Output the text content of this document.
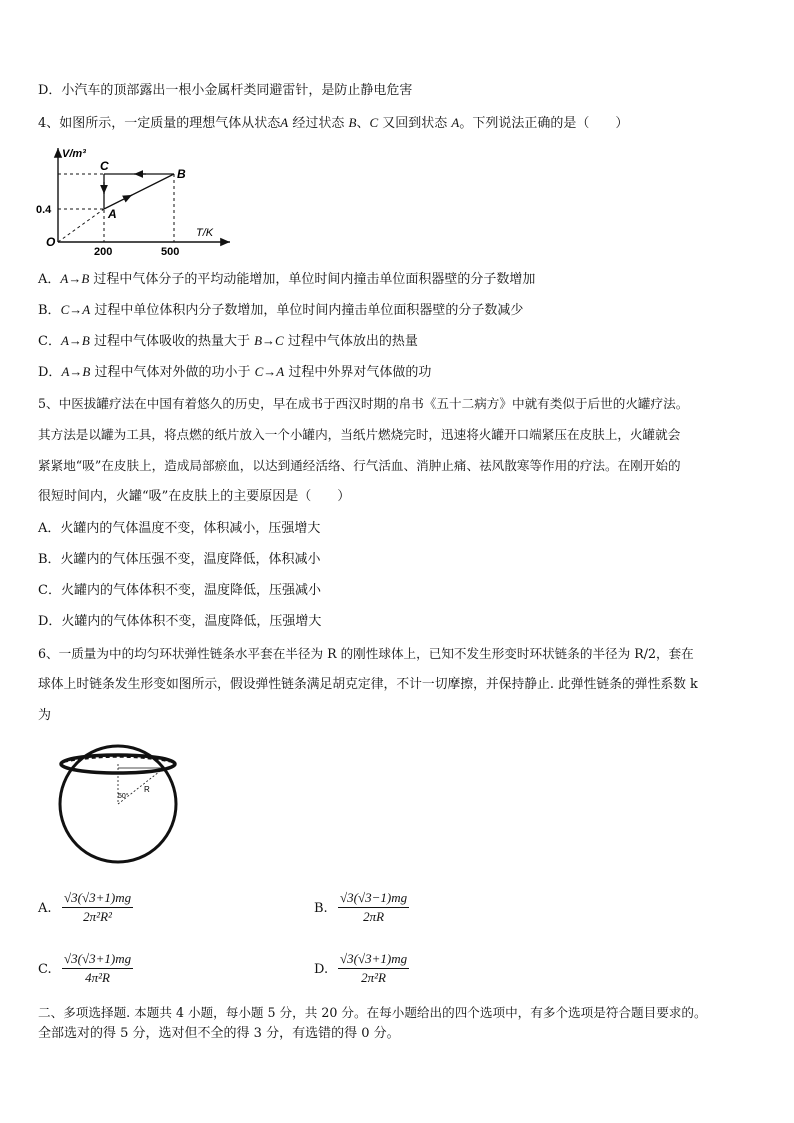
D．小汽车的顶部露出一根小金属杆类同避雷针，是防止静电危害
4、如图所示，一定质量的理想气体从状态A 经过状态 B、C 又回到状态 A。下列说法正确的是（　　）
V/m³
T/K
O
0.4
200	500
A
B
C
A．A→B 过程中气体分子的平均动能增加，单位时间内撞击单位面积器壁的分子数增加
B．C→A 过程中单位体积内分子数增加，单位时间内撞击单位面积器壁的分子数减少
C．A→B 过程中气体吸收的热量大于 B→C 过程中气体放出的热量
D．A→B 过程中气体对外做的功小于 C→A 过程中外界对气体做的功
5、中医拔罐疗法在中国有着悠久的历史，早在成书于西汉时期的帛书《五十二病方》中就有类似于后世的火罐疗法。
其方法是以罐为工具，将点燃的纸片放入一个小罐内，当纸片燃烧完时，迅速将火罐开口端紧压在皮肤上，火罐就会
紧紧地“吸”在皮肤上，造成局部瘀血，以达到通经活络、行气活血、消肿止痛、祛风散寒等作用的疗法。在刚开始的
很短时间内，火罐“吸”在皮肤上的主要原因是（　　）
A．火罐内的气体温度不变，体积减小，压强增大
B．火罐内的气体压强不变，温度降低，体积减小
C．火罐内的气体体积不变，温度降低，压强减小
D．火罐内的气体体积不变，温度降低，压强增大
6、一质量为中的均匀环状弹性链条水平套在半径为 R 的刚性球体上，已知不发生形变时环状链条的半径为 R/2，套在
球体上时链条发生形变如图所示，假设弹性链条满足胡克定律，不计一切摩擦，并保持静止. 此弹性链条的弹性系数 k
为
50°
R
A. $\frac{√3(√3+1)mg}{\text{2π²R²}}$	B. $\frac{√3(√3-1)mg}{2\pi R}$
C. $\frac{√3(√3+1)mg}{\text{4π²R}}$	D. $\frac{√3(√3+1)mg}{\text{2π²R}}$
二、多项选择题. 本题共 4 小题，每小题 5 分，共 20 分。在每小题给出的四个选项中，有多个选项是符合题目要求的。
全部选对的得 5 分，选对但不全的得 3 分，有选错的得 0 分。
